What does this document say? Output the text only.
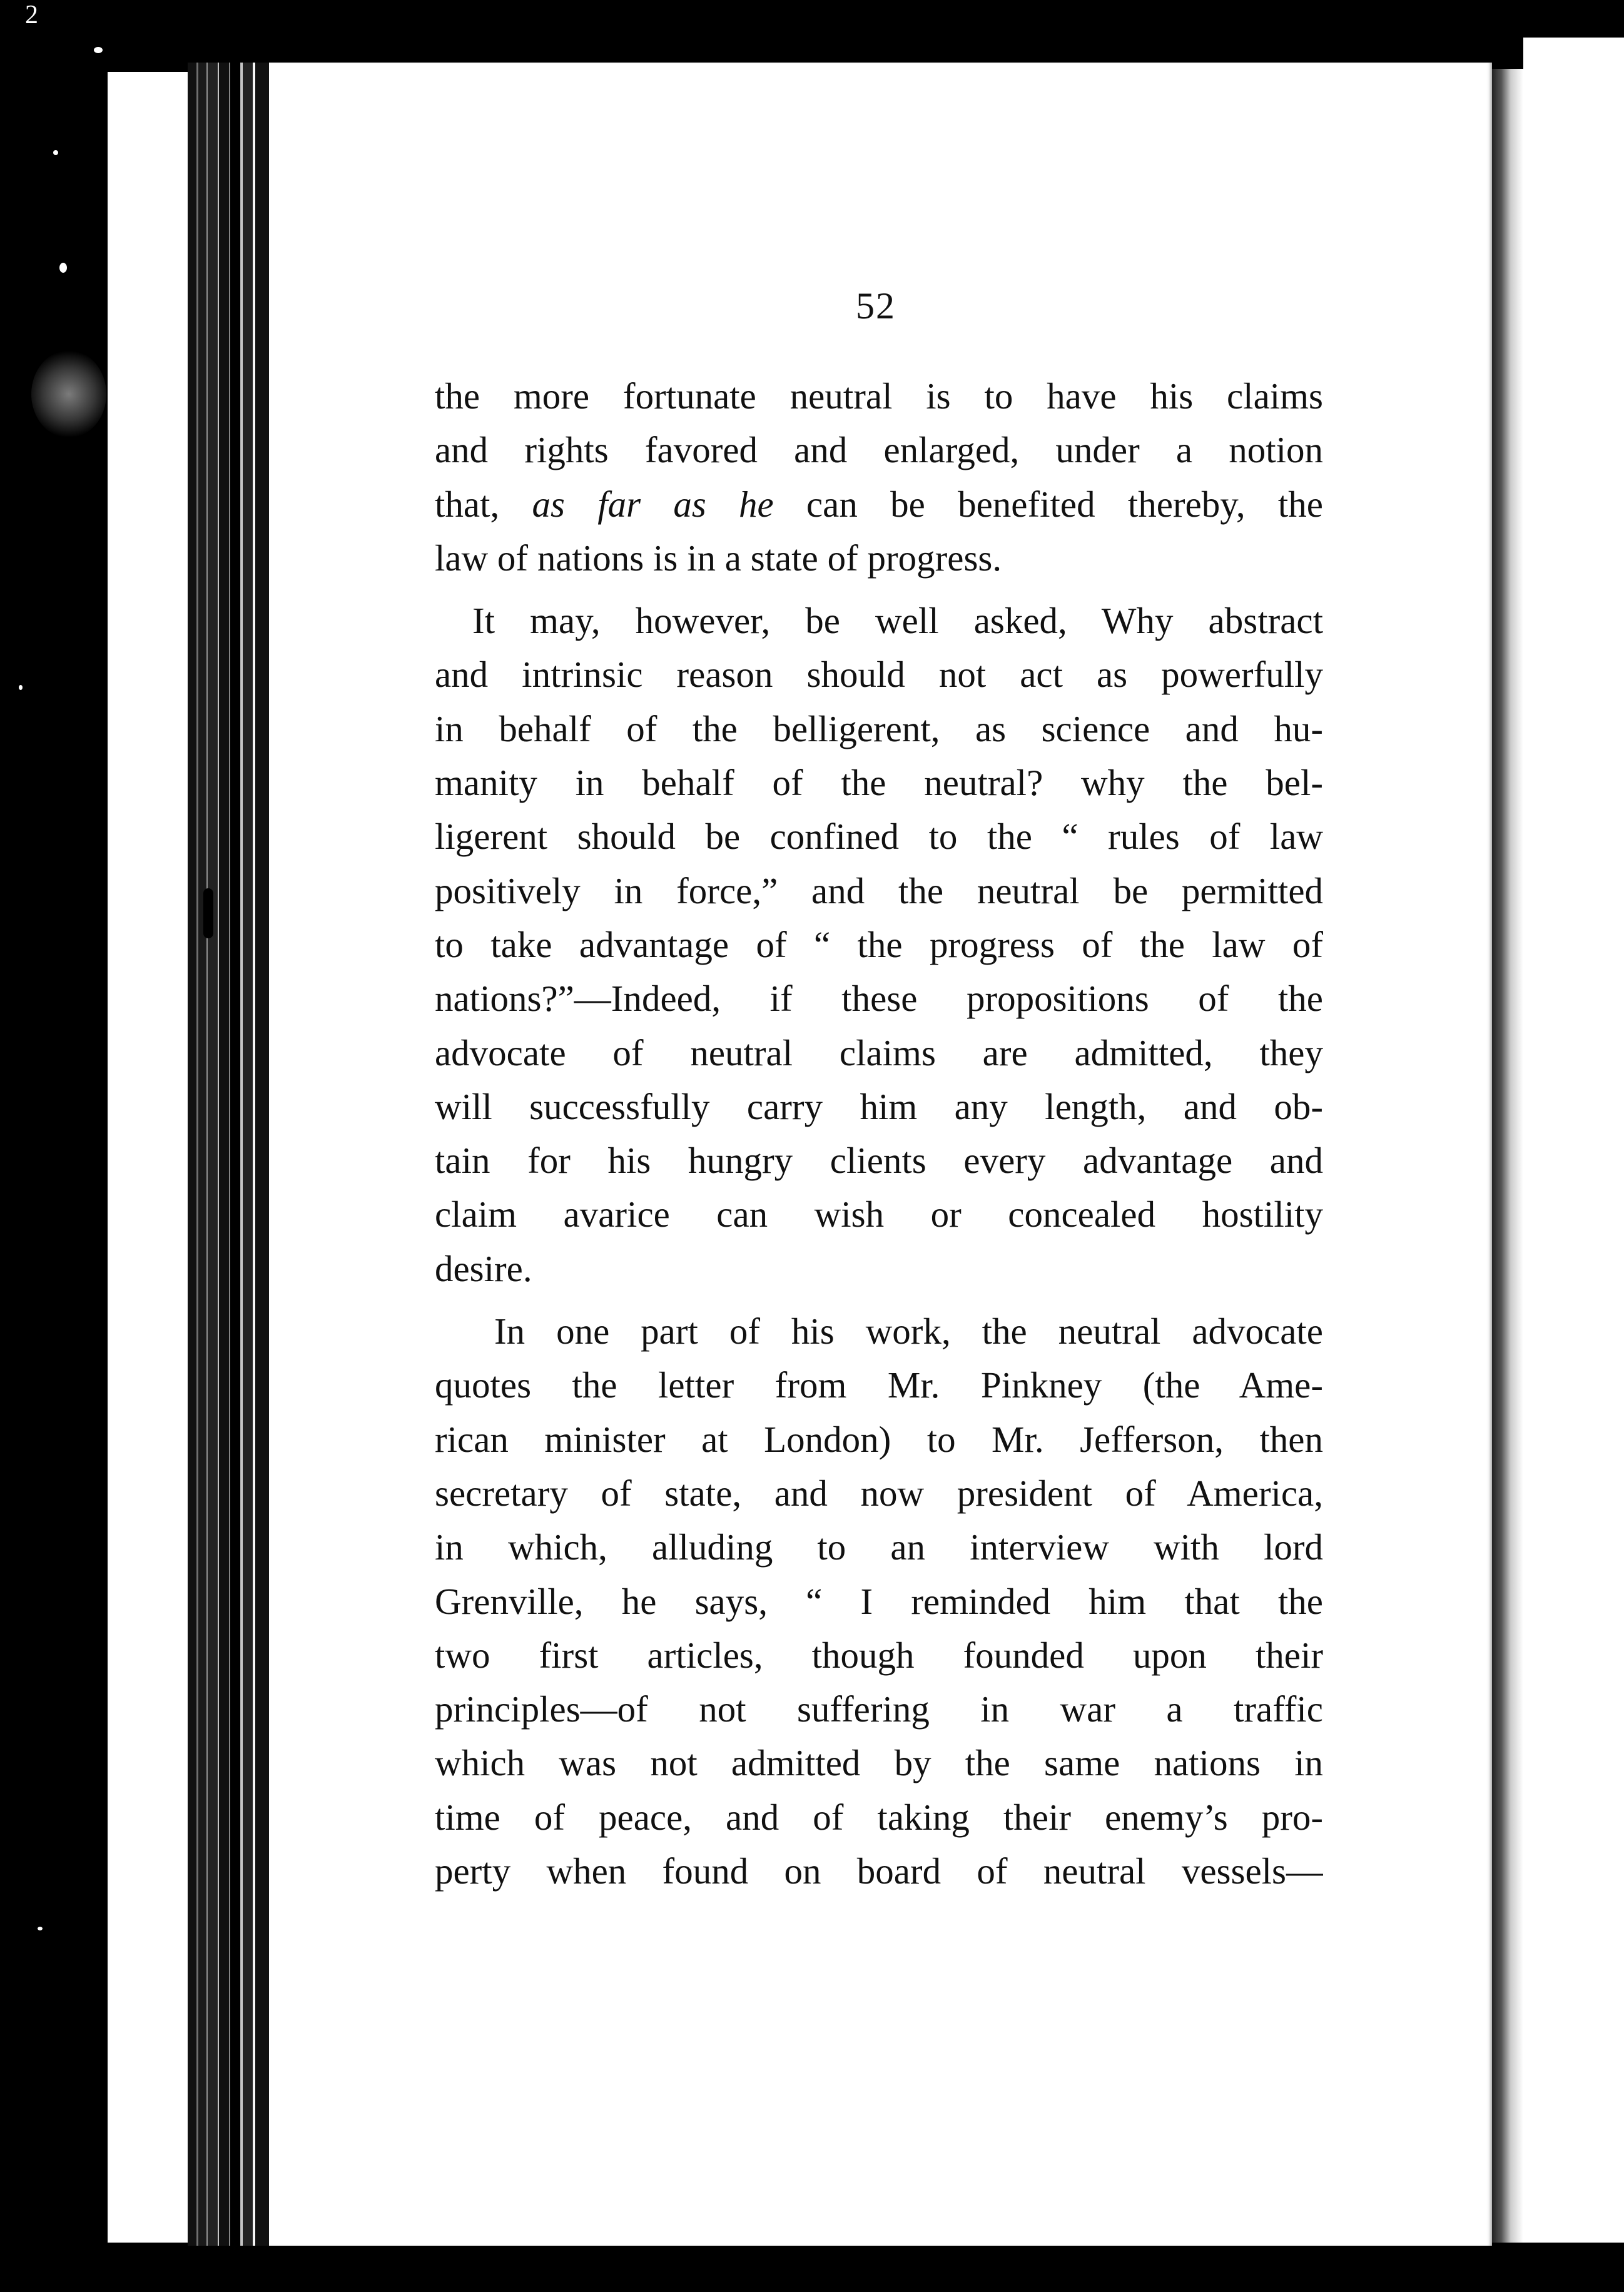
2
52
the more fortunate neutral is to have his claims
and rights favored and enlarged, under a notion
that, as far as he can be benefited thereby, the
law of nations is in a state of progress.
It may, however, be well asked, Why abstract
and intrinsic reason should not act as powerfully
in behalf of the belligerent, as science and hu-
manity in behalf of the neutral? why the bel-
ligerent should be confined to the “ rules of law
positively in force,” and the neutral be permitted
to take advantage of “ the progress of the law of
nations?”—Indeed, if these propositions of the
advocate of neutral claims are admitted, they
will successfully carry him any length, and ob-
tain for his hungry clients every advantage and
claim avarice can wish or concealed hostility
desire.
In one part of his work, the neutral advocate
quotes the letter from Mr. Pinkney (the Ame-
rican minister at London) to Mr. Jefferson, then
secretary of state, and now president of America,
in which, alluding to an interview with lord
Grenville, he says, “ I reminded him that the
two first articles, though founded upon their
principles—of not suffering in war a traffic
which was not admitted by the same nations in
time of peace, and of taking their enemy’s pro-
perty when found on board of neutral vessels—
